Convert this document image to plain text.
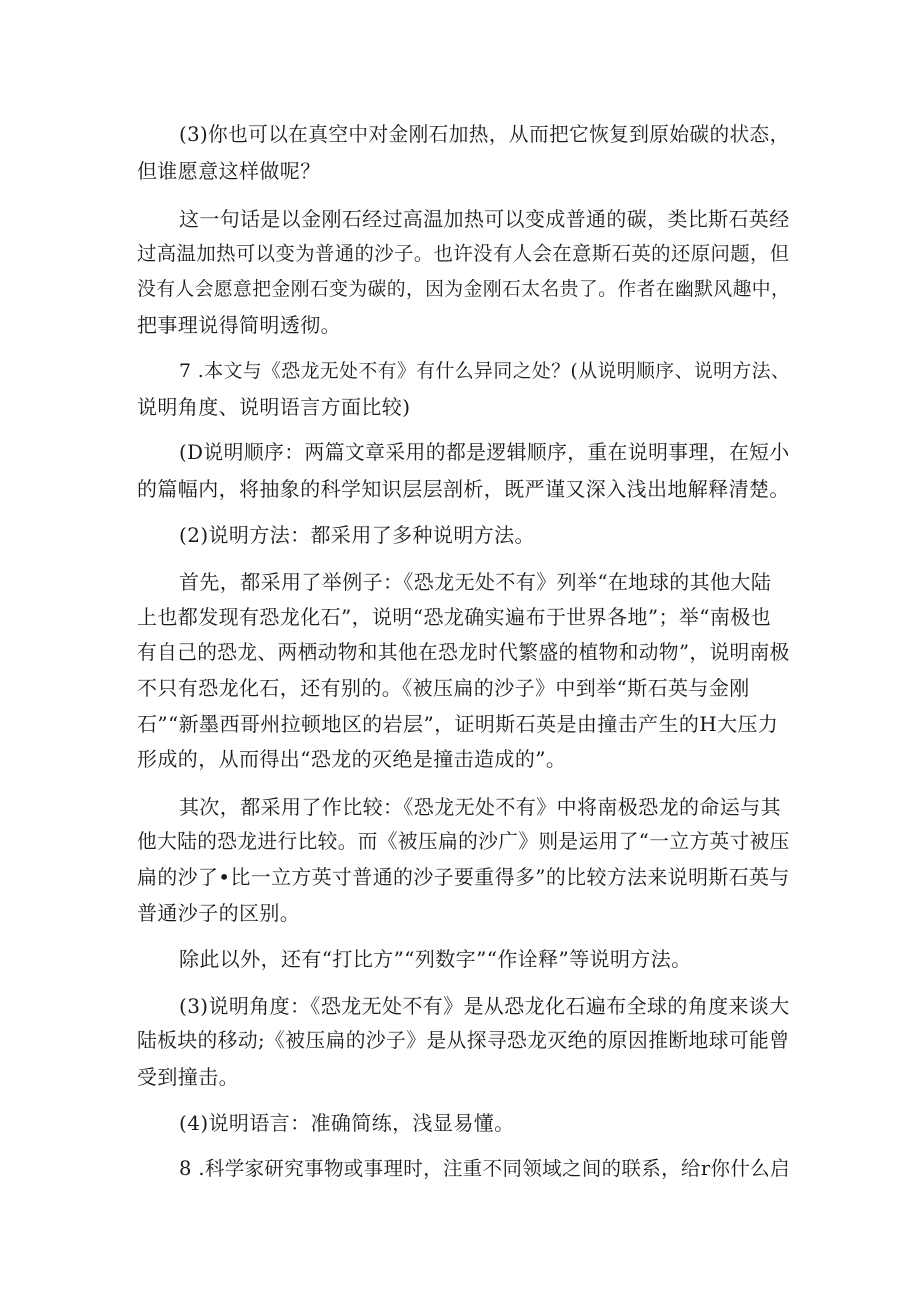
(3)你也可以在真空中对金刚石加热，从而把它恢复到原始碳的状态，
但谁愿意这样做呢？
这一句话是以金刚石经过高温加热可以变成普通的碳，类比斯石英经
过高温加热可以变为普通的沙子。也许没有人会在意斯石英的还原问题，但
没有人会愿意把金刚石变为碳的，因为金刚石太名贵了。作者在幽默风趣中，
把事理说得简明透彻。
7 .本文与《恐龙无处不有》有什么异同之处？(从说明顺序、说明方法、
说明角度、说明语言方面比较)
(D说明顺序：两篇文章采用的都是逻辑顺序，重在说明事理，在短小
的篇幅内，将抽象的科学知识层层剖析，既严谨又深入浅出地解释清楚。
(2)说明方法：都采用了多种说明方法。
首先，都采用了举例子：《恐龙无处不有》列举“在地球的其他大陆
上也都发现有恐龙化石”，说明“恐龙确实遍布于世界各地”；举“南极也
有自己的恐龙、两栖动物和其他在恐龙时代繁盛的植物和动物”，说明南极
不只有恐龙化石，还有别的。《被压扁的沙子》中到举“斯石英与金刚
石”“新墨西哥州拉顿地区的岩层”，证明斯石英是由撞击产生的H大压力
形成的，从而得出“恐龙的灭绝是撞击造成的”。
其次，都采用了作比较：《恐龙无处不有》中将南极恐龙的命运与其
他大陆的恐龙进行比较。而《被压扁的沙广》则是运用了“一立方英寸被压
扁的沙了•比一立方英寸普通的沙子要重得多”的比较方法来说明斯石英与
普通沙子的区别。
除此以外，还有“打比方”“列数字”“作诠释”等说明方法。
(3)说明角度：《恐龙无处不有》是从恐龙化石遍布全球的角度来谈大
陆板块的移动;《被压扁的沙子》是从探寻恐龙灭绝的原因推断地球可能曾
受到撞击。
(4)说明语言：准确简练，浅显易懂。
8 .科学家研究事物或事理时，注重不同领域之间的联系，给r你什么启
